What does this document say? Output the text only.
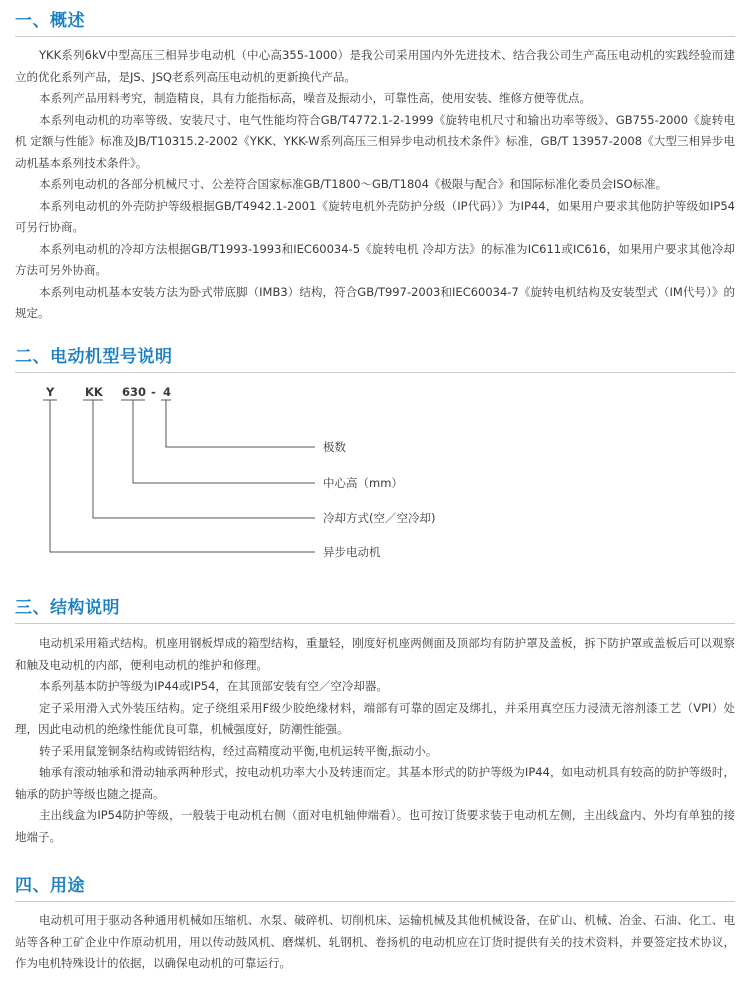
一、概述

YKK系列6kV中型高压三相异步电动机（中心高355-1000）是我公司采用国内外先进技术、结合我公司生产高压电动机的实践经验而建立的优化系列产品，是JS、JSQ老系列高压电动机的更新换代产品。

本系列产品用料考究，制造精良，具有力能指标高，噪音及振动小，可靠性高，使用安装、维修方便等优点。

本系列电动机的功率等级、安装尺寸、电气性能均符合GB/T4772.1-2-1999《旋转电机尺寸和输出功率等级》、GB755-2000《旋转电机 定额与性能》标准及JB/T10315.2-2002《YKK、YKK-W系列高压三相异步电动机技术条件》标准，GB/T 13957-2008《大型三相异步电动机基本系列技术条件》。

本系列电动机的各部分机械尺寸、公差符合国家标准GB/T1800～GB/T1804《极限与配合》和国际标准化委员会ISO标准。

本系列电动机的外壳防护等级根据GB/T4942.1-2001《旋转电机外壳防护分级（IP代码）》为IP44，如果用户要求其他防护等级如IP54可另行协商。

本系列电动机的冷却方法根据GB/T1993-1993和IEC60034-5《旋转电机 冷却方法》的标准为IC611或IC616，如果用户要求其他冷却方法可另外协商。

本系列电动机基本安装方法为卧式带底脚（IMB3）结构，符合GB/T997-2003和IEC60034-7《旋转电机结构及安装型式（IM代号）》的规定。

二、电动机型号说明
Y	KK 630 - 4
极数
中心高（mm）
冷却方式(空／空冷却)
异步电动机
三、结构说明

电动机采用箱式结构。机座用钢板焊成的箱型结构，重量轻，刚度好机座两侧面及顶部均有防护罩及盖板，拆下防护罩或盖板后可以观察和触及电动机的内部，便利电动机的维护和修理。

本系列基本防护等级为IP44或IP54，在其顶部安装有空／空冷却器。

定子采用滑入式外装压结构。定子绕组采用F级少胶绝缘材料，端部有可靠的固定及绑扎，并采用真空压力浸渍无溶剂漆工艺（VPI）处理，因此电动机的绝缘性能优良可靠，机械强度好，防潮性能强。

转子采用鼠笼铜条结构或铸铝结构，经过高精度动平衡,电机运转平衡,振动小。

轴承有滚动轴承和滑动轴承两种形式，按电动机功率大小及转速而定。其基本形式的防护等级为IP44，如电动机具有较高的防护等级时，轴承的防护等级也随之提高。

主出线盒为IP54防护等级，一般装于电动机右侧（面对电机轴伸端看）。也可按订货要求装于电动机左侧，主出线盒内、外均有单独的接地端子。

四、用途

电动机可用于驱动各种通用机械如压缩机、水泵、破碎机、切削机床、运输机械及其他机械设备，在矿山、机械、冶金、石油、化工、电站等各种工矿企业中作原动机用，用以传动鼓风机、磨煤机、轧钢机、卷扬机的电动机应在订货时提供有关的技术资料，并要签定技术协议，作为电机特殊设计的依据，以确保电动机的可靠运行。
